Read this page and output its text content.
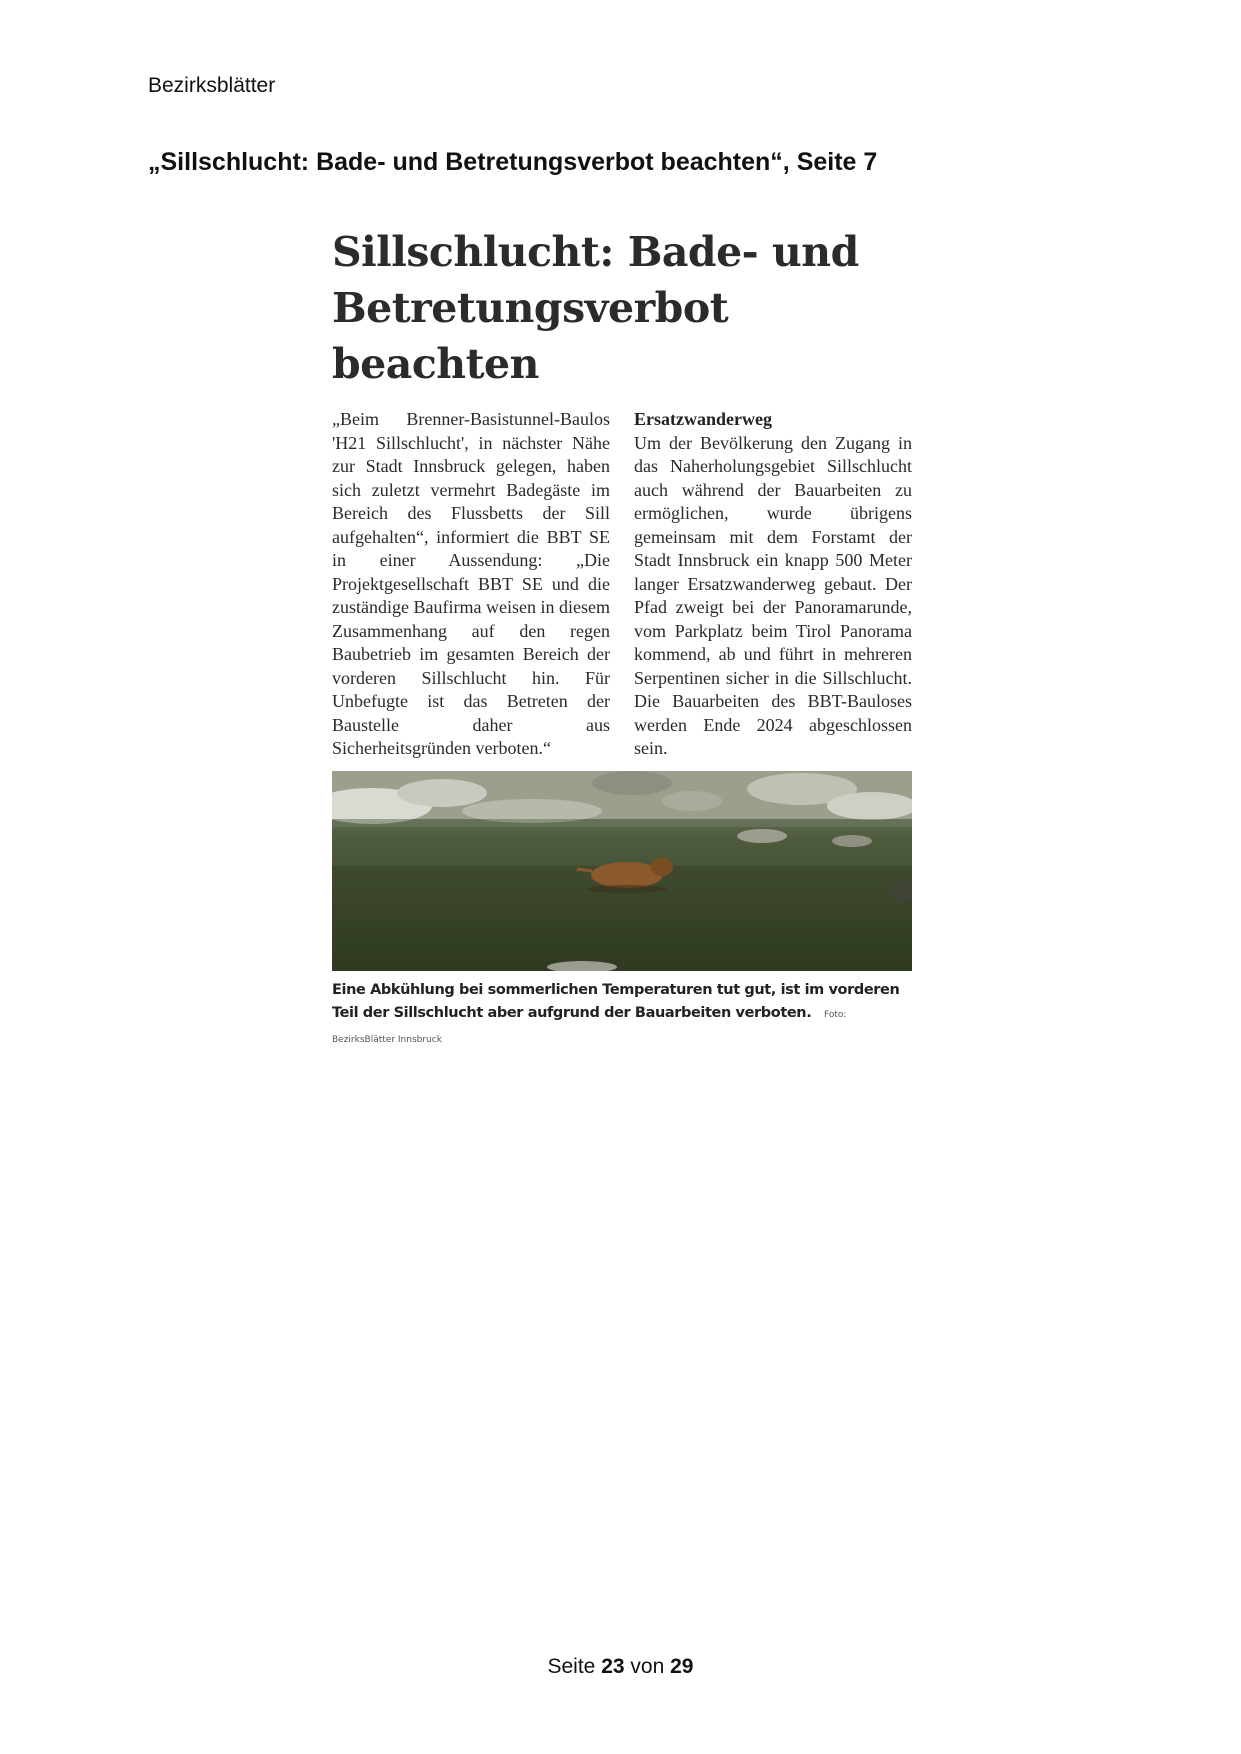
Bezirksblätter
„Sillschlucht: Bade- und Betretungsverbot beachten“, Seite 7
Sillschlucht: Bade- und
Betretungsverbot beachten

„Beim Brenner-Basistunnel-Baulos 'H21 Sillschlucht', in nächster Nähe zur Stadt Innsbruck gelegen, haben sich zuletzt vermehrt Badegäste im Bereich des Flussbetts der Sill aufgehalten“, informiert die BBT SE in einer Aussendung: „Die Projektgesellschaft BBT SE und die zuständige Baufirma weisen in diesem Zusammenhang auf den regen Baubetrieb im gesamten Bereich der vorderen Sillschlucht hin. Für Unbefugte ist das Betreten der Baustelle daher aus Sicherheitsgründen verboten.“

Ersatzwanderweg

Um der Bevölkerung den Zugang in das Naherholungsgebiet Sillschlucht auch während der Bauarbeiten zu ermöglichen, wurde übrigens gemeinsam mit dem Forstamt der Stadt Innsbruck ein knapp 500 Meter langer Ersatzwanderweg gebaut. Der Pfad zweigt bei der Panoramarunde, vom Parkplatz beim Tirol Panorama kommend, ab und führt in mehreren Serpentinen sicher in die Sillschlucht. Die Bauarbeiten des BBT-Bauloses werden Ende 2024 abgeschlossen sein.

Eine Abkühlung bei sommerlichen Temperaturen tut gut, ist im vorderen Teil der Sillschlucht aber aufgrund der Bauarbeiten verboten. Foto: BezirksBlätter Innsbruck
Seite 23 von 29
